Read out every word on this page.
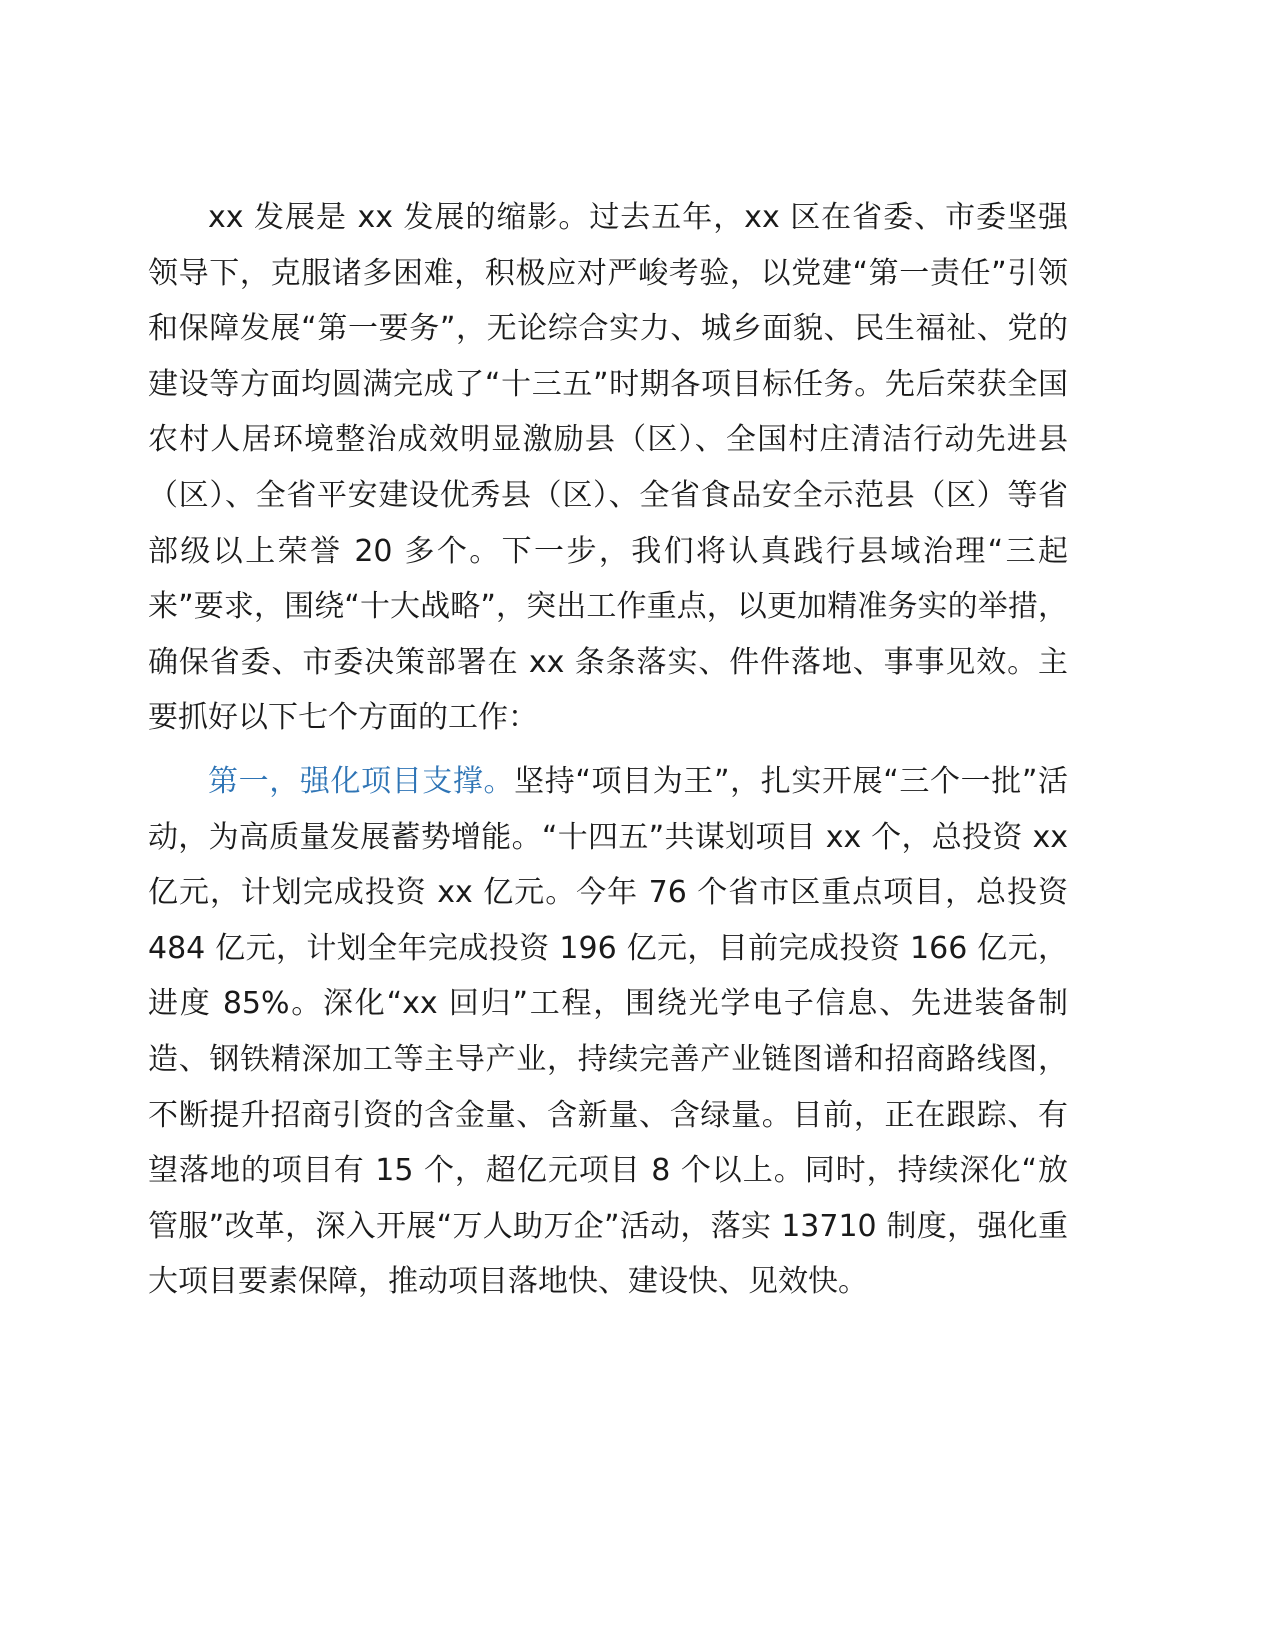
xx 发展是 xx 发展的缩影。过去五年，xx 区在省委、市委坚强领导下，克服诸多困难，积极应对严峻考验，以党建“第一责任”引领和保障发展“第一要务”，无论综合实力、城乡面貌、民生福祉、党的建设等方面均圆满完成了“十三五”时期各项目标任务。先后荣获全国农村人居环境整治成效明显激励县（区）、全国村庄清洁行动先进县（区）、全省平安建设优秀县（区）、全省食品安全示范县（区）等省部级以上荣誉 20 多个。下一步，我们将认真践行县域治理“三起来”要求，围绕“十大战略”，突出工作重点，以更加精准务实的举措，确保省委、市委决策部署在 xx 条条落实、件件落地、事事见效。主要抓好以下七个方面的工作：

第一，强化项目支撑。坚持“项目为王”，扎实开展“三个一批”活动，为高质量发展蓄势增能。“十四五”共谋划项目 xx 个，总投资 xx 亿元，计划完成投资 xx 亿元。今年 76 个省市区重点项目，总投资 484 亿元，计划全年完成投资 196 亿元，目前完成投资 166 亿元，进度 85%。深化“xx 回归”工程，围绕光学电子信息、先进装备制造、钢铁精深加工等主导产业，持续完善产业链图谱和招商路线图，不断提升招商引资的含金量、含新量、含绿量。目前，正在跟踪、有望落地的项目有 15 个，超亿元项目 8 个以上。同时，持续深化“放管服”改革，深入开展“万人助万企”活动，落实 13710 制度，强化重大项目要素保障，推动项目落地快、建设快、见效快。
